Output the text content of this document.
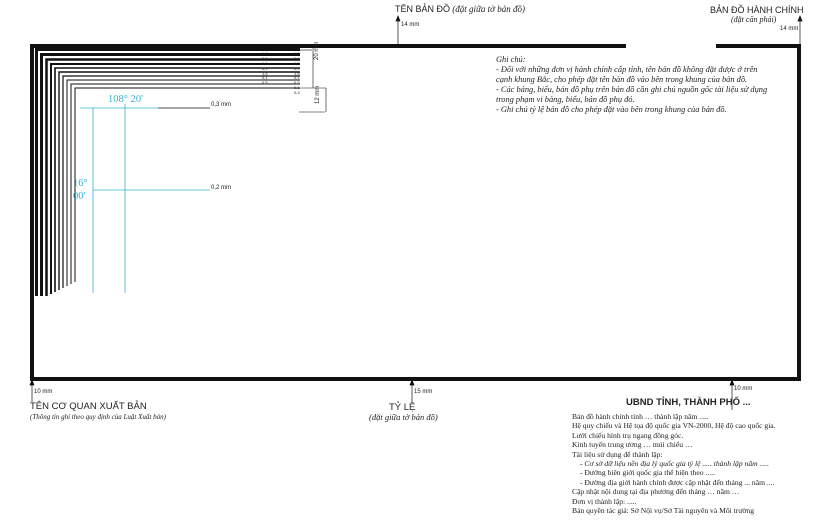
TÊN BẢN ĐỒ (đặt giữa tờ bản đồ)	BẢN ĐỒ HÀNH CHÍNH
(đặt căn phải)
14 mm
14 mm
0,1
1,0
0,1
1,5
0,1
1,5
0,1
0,5
0,1
1,0
0,1
1,5
0,1
1,5
0,1
0,5
0,1
0,3
20 mm
12 mm
0,3 mm
0,2 mm
108° 20'
16°
00'
Ghi chú:
- Đối với những đơn vị hành chính cấp tỉnh, tên bản đồ không đặt được ở trên
cạnh khung Bắc, cho phép đặt tên bản đồ vào bên trong khung của bản đồ.
- Các bảng, biểu, bản đồ phụ trên bản đồ cần ghi chú nguồn gốc tài liệu sử dụng
trong phạm vi bảng, biểu, bản đồ phụ đó.
- Ghi chú tỷ lệ bản đồ cho phép đặt vào bên trong khung của bản đồ.
10 mm	15 mm	10 mm
TÊN CƠ QUAN XUẤT BẢN
(Thông tin ghi theo quy định của Luật Xuất bản)
TỶ LỆ
(đặt giữa tờ bản đồ)
UBND TỈNH, THÀNH PHỐ ...
Bản đồ hành chính tỉnh … thành lập năm .....
Hệ quy chiếu và Hệ tọa độ quốc gia VN-2000, Hệ độ cao quốc gia.
Lưới chiếu hình trụ ngang đồng góc.
Kinh tuyến trung ương … múi chiếu …
Tài liệu sử dụng để thành lập:
- Cơ sở dữ liệu nền địa lý quốc gia tỷ lệ ..... thành lập năm .....
- Đường biên giới quốc gia thể hiện theo .....
- Đường địa giới hành chính được cập nhật đến tháng ... năm ....
Cập nhật nội dung tại địa phương đến tháng … năm …
Đơn vị thành lập: .....
Bản quyền tác giả: Sở Nội vụ/Sở Tài nguyên và Môi trường
